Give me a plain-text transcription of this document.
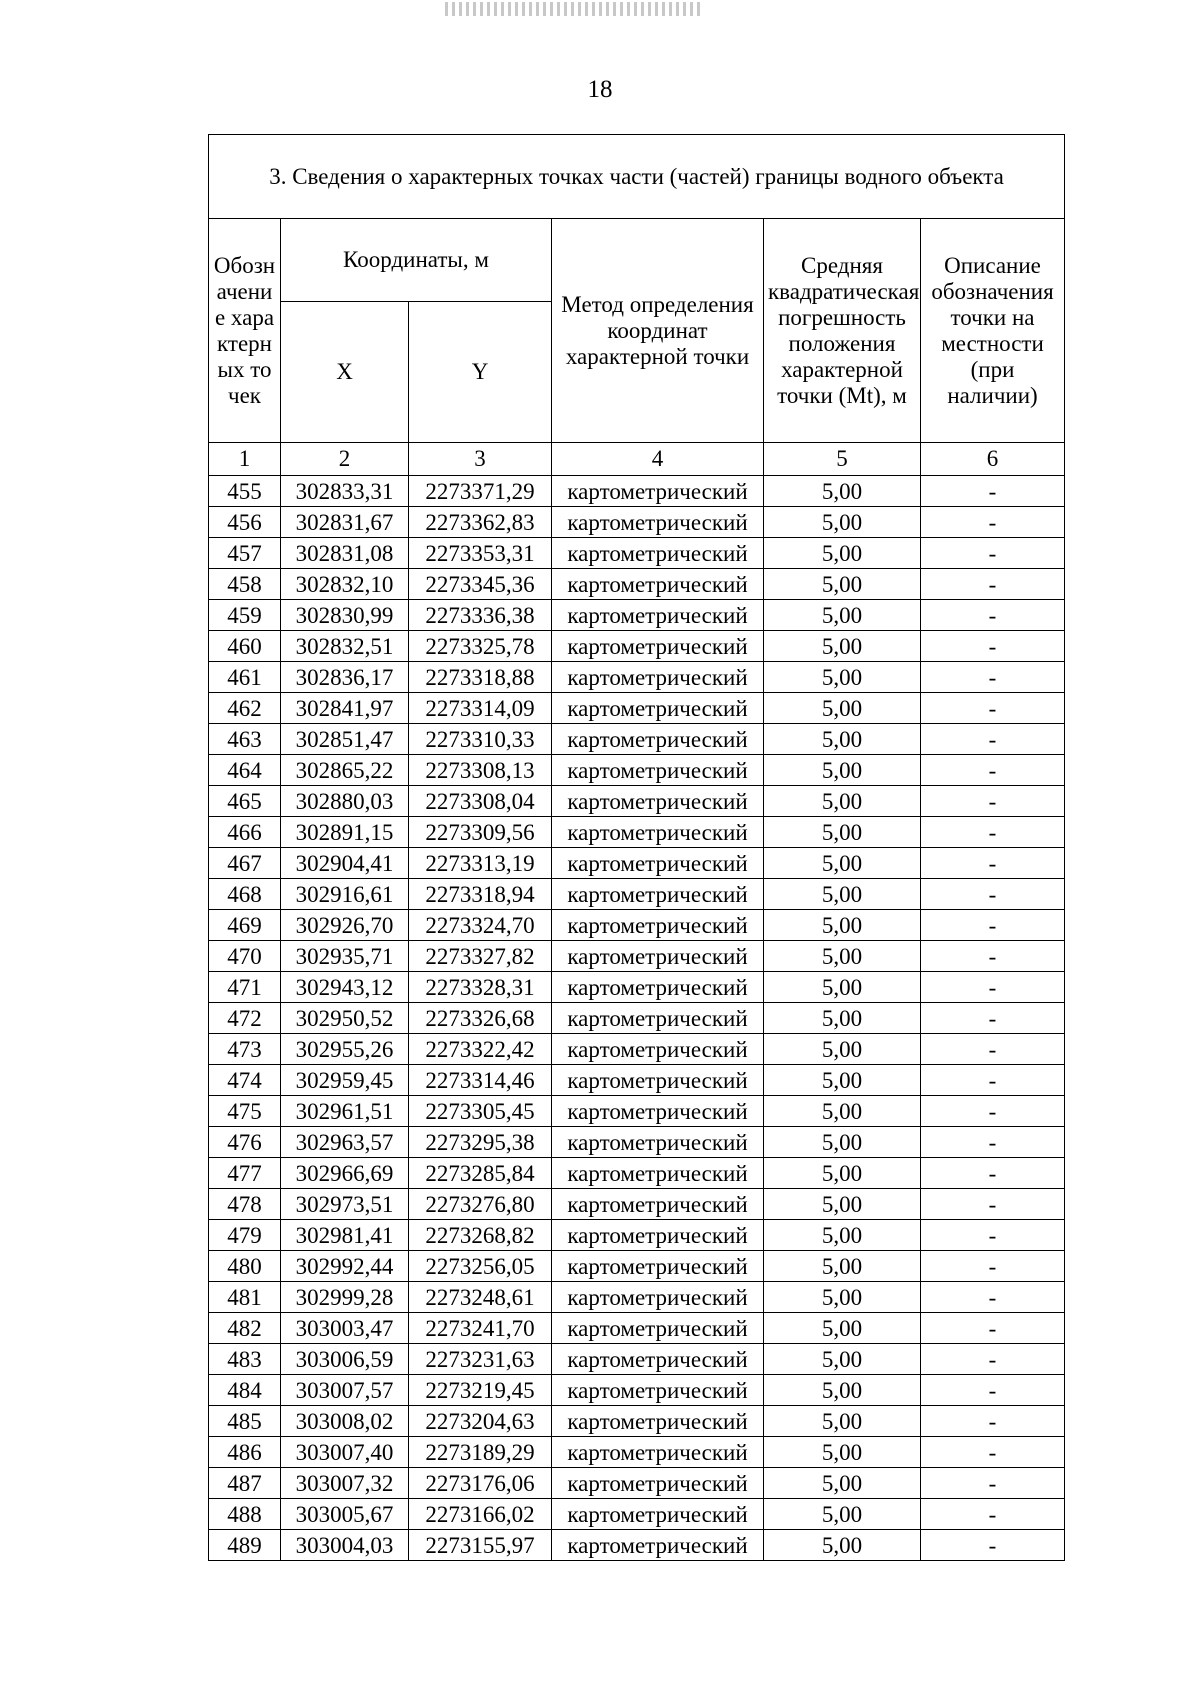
18
3. Сведения о характерных точках части (частей) границы водного объекта					
Обозначение характерных точек	Координаты, м		Метод определения координат характерной точки	Средняя квадратическая погрешность положения характерной точки (Mt), м	Описание обозначения точки на местности (при наличии)
	X	Y			
1	2	3	4	5	6
455	302833,31	2273371,29	картометрический	5,00	-
456	302831,67	2273362,83	картометрический	5,00	-
457	302831,08	2273353,31	картометрический	5,00	-
458	302832,10	2273345,36	картометрический	5,00	-
459	302830,99	2273336,38	картометрический	5,00	-
460	302832,51	2273325,78	картометрический	5,00	-
461	302836,17	2273318,88	картометрический	5,00	-
462	302841,97	2273314,09	картометрический	5,00	-
463	302851,47	2273310,33	картометрический	5,00	-
464	302865,22	2273308,13	картометрический	5,00	-
465	302880,03	2273308,04	картометрический	5,00	-
466	302891,15	2273309,56	картометрический	5,00	-
467	302904,41	2273313,19	картометрический	5,00	-
468	302916,61	2273318,94	картометрический	5,00	-
469	302926,70	2273324,70	картометрический	5,00	-
470	302935,71	2273327,82	картометрический	5,00	-
471	302943,12	2273328,31	картометрический	5,00	-
472	302950,52	2273326,68	картометрический	5,00	-
473	302955,26	2273322,42	картометрический	5,00	-
474	302959,45	2273314,46	картометрический	5,00	-
475	302961,51	2273305,45	картометрический	5,00	-
476	302963,57	2273295,38	картометрический	5,00	-
477	302966,69	2273285,84	картометрический	5,00	-
478	302973,51	2273276,80	картометрический	5,00	-
479	302981,41	2273268,82	картометрический	5,00	-
480	302992,44	2273256,05	картометрический	5,00	-
481	302999,28	2273248,61	картометрический	5,00	-
482	303003,47	2273241,70	картометрический	5,00	-
483	303006,59	2273231,63	картометрический	5,00	-
484	303007,57	2273219,45	картометрический	5,00	-
485	303008,02	2273204,63	картометрический	5,00	-
486	303007,40	2273189,29	картометрический	5,00	-
487	303007,32	2273176,06	картометрический	5,00	-
488	303005,67	2273166,02	картометрический	5,00	-
489	303004,03	2273155,97	картометрический	5,00	-
